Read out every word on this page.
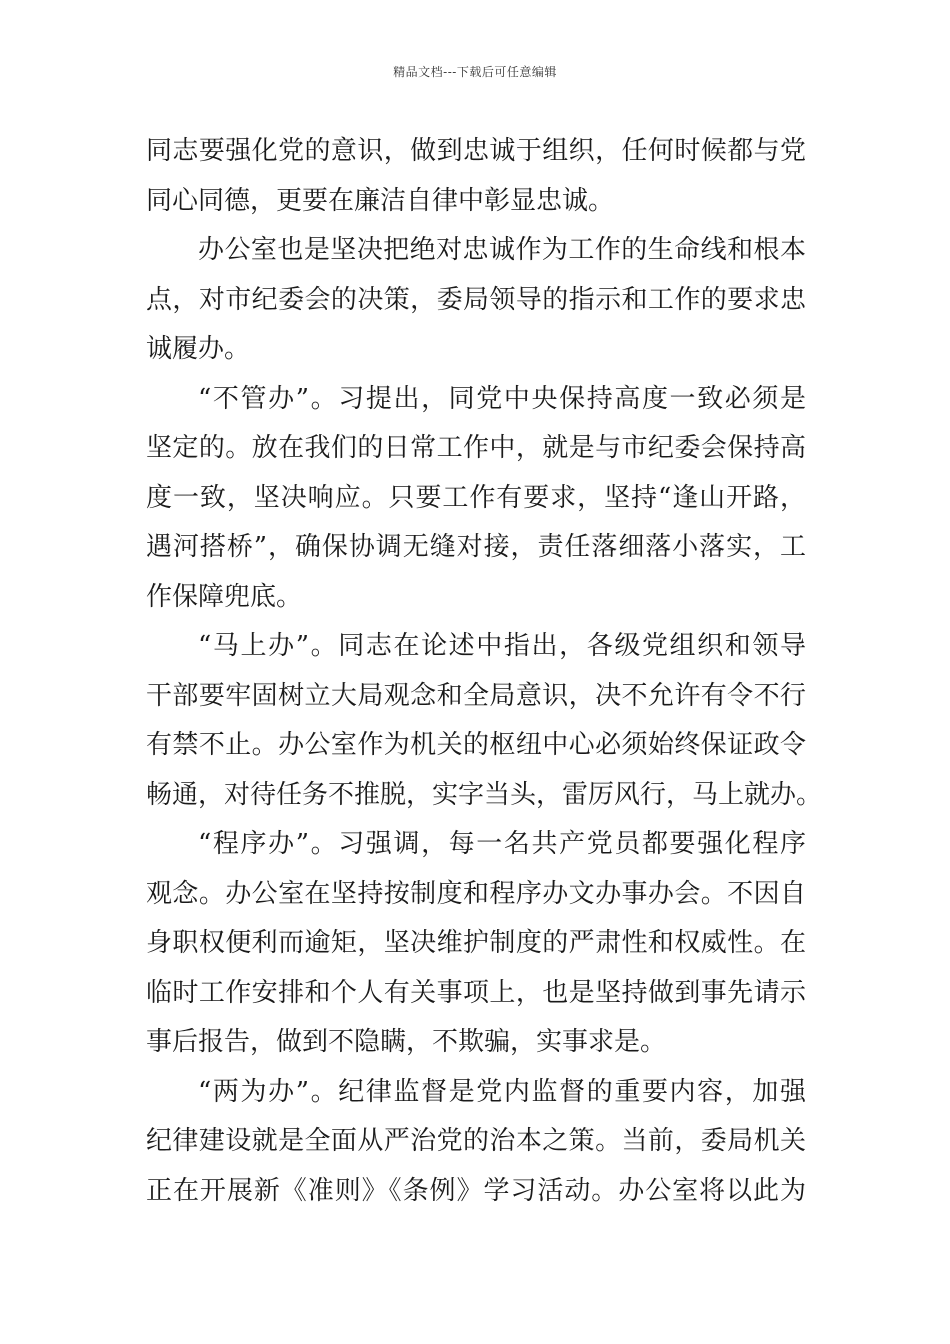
精品文档---下载后可任意编辑
同志要强化党的意识，做到忠诚于组织，任何时候都与党
同心同德，更要在廉洁自律中彰显忠诚。
办公室也是坚决把绝对忠诚作为工作的生命线和根本
点，对市纪委会的决策，委局领导的指示和工作的要求忠
诚履办。
“不管办”。习提出，同党中央保持高度一致必须是
坚定的。放在我们的日常工作中，就是与市纪委会保持高
度一致，坚决响应。只要工作有要求，坚持“逢山开路，
遇河搭桥”，确保协调无缝对接，责任落细落小落实，工
作保障兜底。
“马上办”。同志在论述中指出，各级党组织和领导
干部要牢固树立大局观念和全局意识，决不允许有令不行
有禁不止。办公室作为机关的枢纽中心必须始终保证政令
畅通，对待任务不推脱，实字当头，雷厉风行，马上就办。
“程序办”。习强调，每一名共产党员都要强化程序
观念。办公室在坚持按制度和程序办文办事办会。不因自
身职权便利而逾矩，坚决维护制度的严肃性和权威性。在
临时工作安排和个人有关事项上，也是坚持做到事先请示
事后报告，做到不隐瞒，不欺骗，实事求是。
“两为办”。纪律监督是党内监督的重要内容，加强
纪律建设就是全面从严治党的治本之策。当前，委局机关
正在开展新《准则》《条例》学习活动。办公室将以此为
